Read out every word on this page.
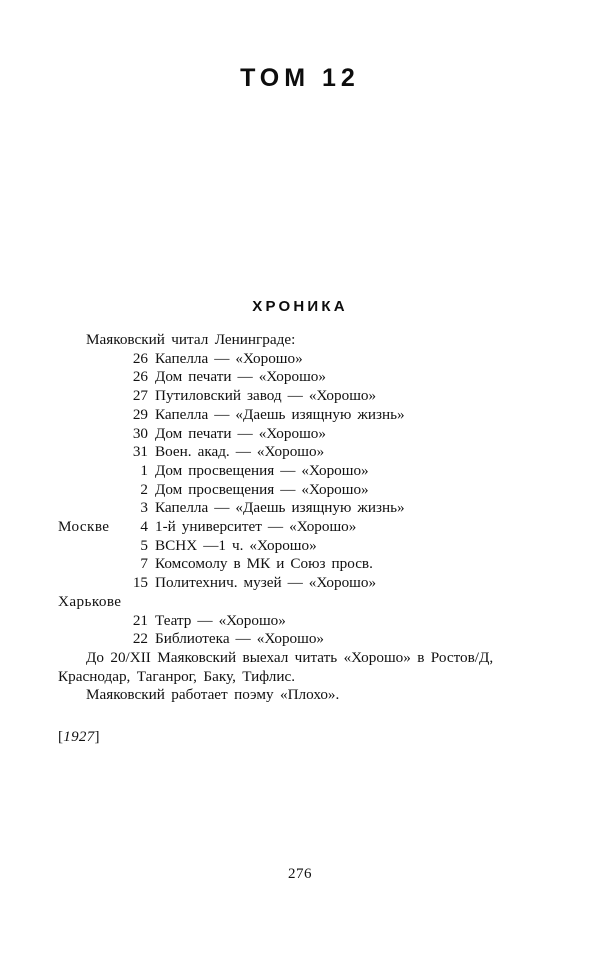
ТОМ 12
ХРОНИКА

Маяковский читал Ленинграде:

26 Капелла — «Хорошо»
26 Дом печати — «Хорошо»
27 Путиловский завод — «Хорошо»
29 Капелла — «Даешь изящную жизнь»
30 Дом печати — «Хорошо»
31 Воен. акад. — «Хорошо»
1 Дом просвещения — «Хорошо»
2 Дом просвещения — «Хорошо»
3 Капелла — «Даешь изящную жизнь»
Москве	4 1-й университет — «Хорошо»
5 ВСНХ —1 ч. «Хорошо»
7 Комсомолу в МК и Союз просв.
15 Политехнич. музей — «Хорошо»

Харькове

21 Театр — «Хорошо»
22 Библиотека — «Хорошо»

До 20/XII Маяковский выехал читать «Хорошо» в Ростов/Д, Краснодар, Таганрог, Баку, Тифлис.

Маяковский работает поэму «Плохо».

[1927]
276
